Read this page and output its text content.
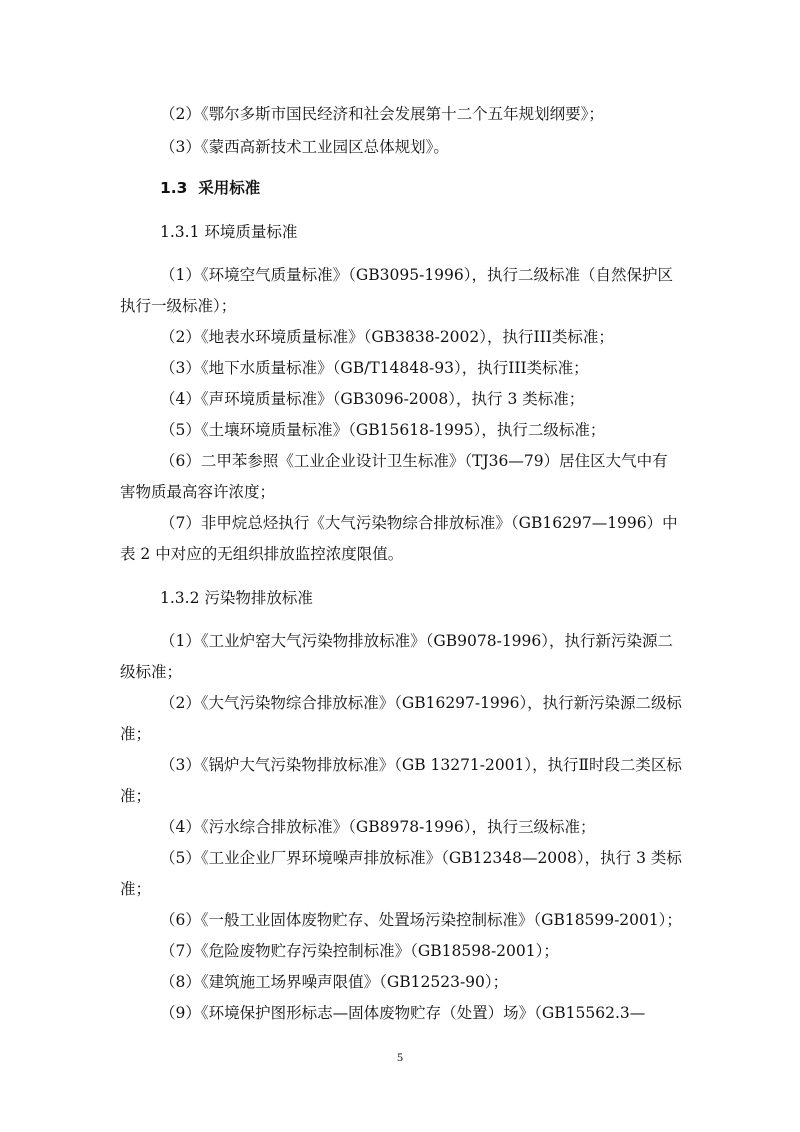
（2）《鄂尔多斯市国民经济和社会发展第十二个五年规划纲要》；
（3）《蒙西高新技术工业园区总体规划》。
1.3 采用标准
1.3.1 环境质量标准
（1）《环境空气质量标准》（GB3095-1996），执行二级标准（自然保护区
执行一级标准）；
（2）《地表水环境质量标准》（GB3838-2002），执行III类标准；
（3）《地下水质量标准》（GB/T14848-93），执行III类标准；
（4）《声环境质量标准》（GB3096-2008），执行 3 类标准；
（5）《土壤环境质量标准》（GB15618-1995），执行二级标准；
（6）二甲苯参照《工业企业设计卫生标准》（TJ36—79）居住区大气中有
害物质最高容许浓度；
（7）非甲烷总烃执行《大气污染物综合排放标准》（GB16297—1996）中
表 2 中对应的无组织排放监控浓度限值。
1.3.2 污染物排放标准
（1）《工业炉窑大气污染物排放标准》（GB9078-1996），执行新污染源二
级标准；
（2）《大气污染物综合排放标准》（GB16297-1996），执行新污染源二级标
准；
（3）《锅炉大气污染物排放标准》（GB 13271-2001），执行Ⅱ时段二类区标
准；
（4）《污水综合排放标准》（GB8978-1996），执行三级标准；
（5）《工业企业厂界环境噪声排放标准》（GB12348—2008），执行 3 类标
准；
（6）《一般工业固体废物贮存、处置场污染控制标准》（GB18599-2001）；
（7）《危险废物贮存污染控制标准》（GB18598-2001）；
（8）《建筑施工场界噪声限值》（GB12523-90）；
（9）《环境保护图形标志—固体废物贮存（处置）场》（GB15562.3—
5
